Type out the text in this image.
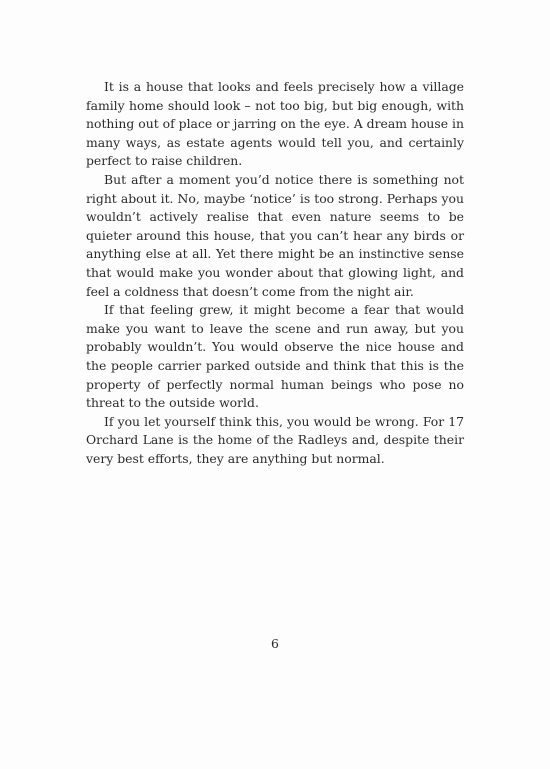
It is a house that looks and feels precisely how a village family home should look – not too big, but big enough, with nothing out of place or jarring on the eye. A dream house in many ways, as estate agents would tell you, and certainly perfect to raise children.

But after a moment you’d notice there is something not right about it. No, maybe ‘notice’ is too strong. Perhaps you wouldn’t actively realise that even nature seems to be quieter around this house, that you can’t hear any birds or anything else at all. Yet there might be an instinctive sense that would make you wonder about that glowing light, and feel a coldness that doesn’t come from the night air.

If that feeling grew, it might become a fear that would make you want to leave the scene and run away, but you probably wouldn’t. You would observe the nice house and the people carrier parked outside and think that this is the property of perfectly normal human beings who pose no threat to the outside world.

If you let yourself think this, you would be wrong. For 17 Orchard Lane is the home of the Radleys and, despite their very best efforts, they are anything but normal.

6
